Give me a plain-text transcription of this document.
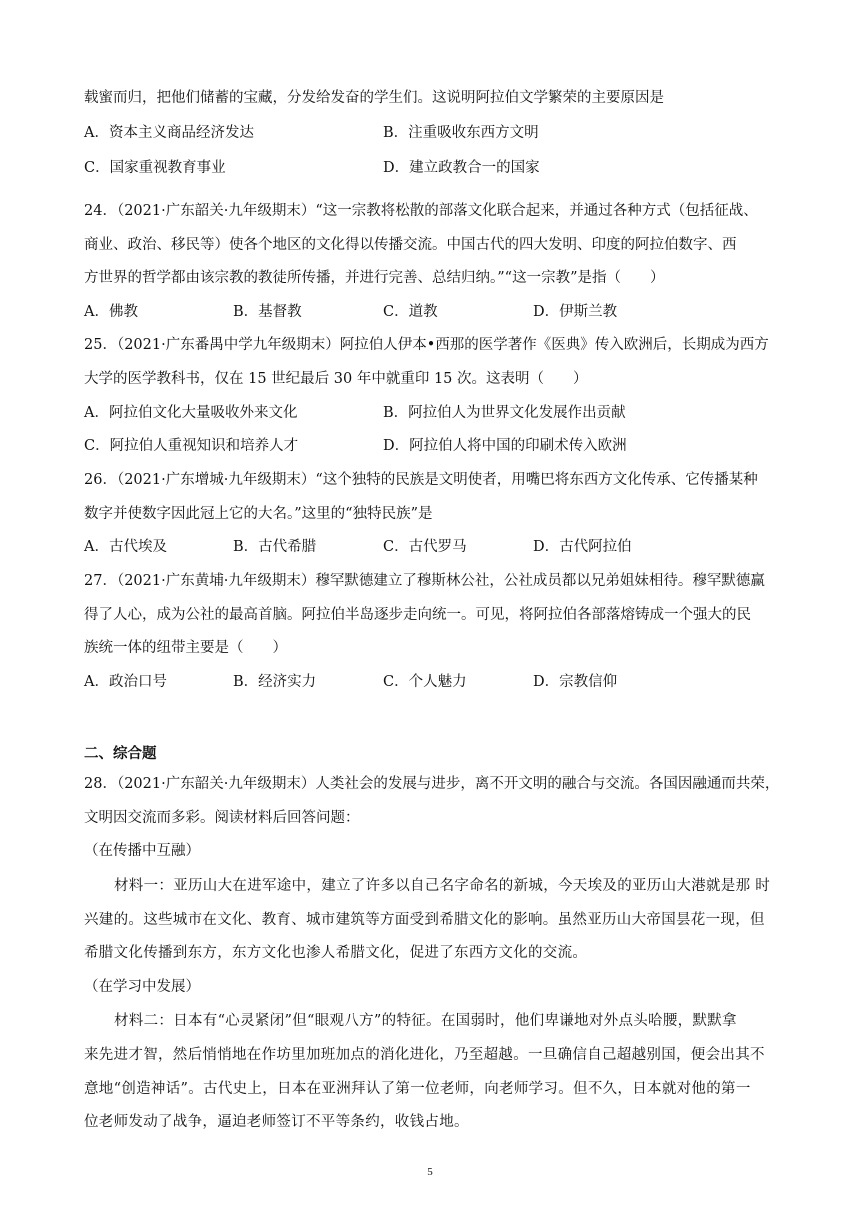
载蜜而归，把他们储蓄的宝藏，分发给发奋的学生们。这说明阿拉伯文学繁荣的主要原因是
A．资本主义商品经济发达	B．注重吸收东西方文明
C．国家重视教育事业	D．建立政教合一的国家
24．（2021·广东韶关·九年级期末）“这一宗教将松散的部落文化联合起来，并通过各种方式（包括征战、
商业、政治、移民等）使各个地区的文化得以传播交流。中国古代的四大发明、印度的阿拉伯数字、西
方世界的哲学都由该宗教的教徒所传播，并进行完善、总结归纳。”“这一宗教”是指（　　）
A．佛教	B．基督教	C．道教	D．伊斯兰教
25．（2021·广东番禺中学九年级期末）阿拉伯人伊本•西那的医学著作《医典》传入欧洲后，长期成为西方
大学的医学教科书，仅在 15 世纪最后 30 年中就重印 15 次。这表明（　　）
A．阿拉伯文化大量吸收外来文化	B．阿拉伯人为世界文化发展作出贡献
C．阿拉伯人重视知识和培养人才	D．阿拉伯人将中国的印刷术传入欧洲
26．（2021·广东增城·九年级期末）“这个独特的民族是文明使者，用嘴巴将东西方文化传承、它传播某种
数字并使数字因此冠上它的大名。”这里的“独特民族”是
A．古代埃及	B．古代希腊	C．古代罗马	D．古代阿拉伯
27．（2021·广东黄埔·九年级期末）穆罕默德建立了穆斯林公社，公社成员都以兄弟姐妹相待。穆罕默德赢
得了人心，成为公社的最高首脑。阿拉伯半岛逐步走向统一。可见，将阿拉伯各部落熔铸成一个强大的民
族统一体的纽带主要是（　　）
A．政治口号	B．经济实力	C．个人魅力	D．宗教信仰
二、综合题
28．（2021·广东韶关·九年级期末）人类社会的发展与进步，离不开文明的融合与交流。各国因融通而共荣，
文明因交流而多彩。阅读材料后回答问题：
（在传播中互融）
材料一：亚历山大在进军途中，建立了许多以自己名字命名的新城，今天埃及的亚历山大港就是那 时
兴建的。这些城市在文化、教育、城市建筑等方面受到希腊文化的影响。虽然亚历山大帝国昙花一现，但
希腊文化传播到东方，东方文化也渗人希腊文化，促进了东西方文化的交流。
（在学习中发展）
材料二：日本有“心灵紧闭”但“眼观八方”的特征。在国弱时，他们卑谦地对外点头哈腰，默默拿
来先进才智，然后悄悄地在作坊里加班加点的消化进化，乃至超越。一旦确信自己超越别国，便会出其不
意地“创造神话”。古代史上，日本在亚洲拜认了第一位老师，向老师学习。但不久，日本就对他的第一
位老师发动了战争，逼迫老师签订不平等条约，收钱占地。
5
